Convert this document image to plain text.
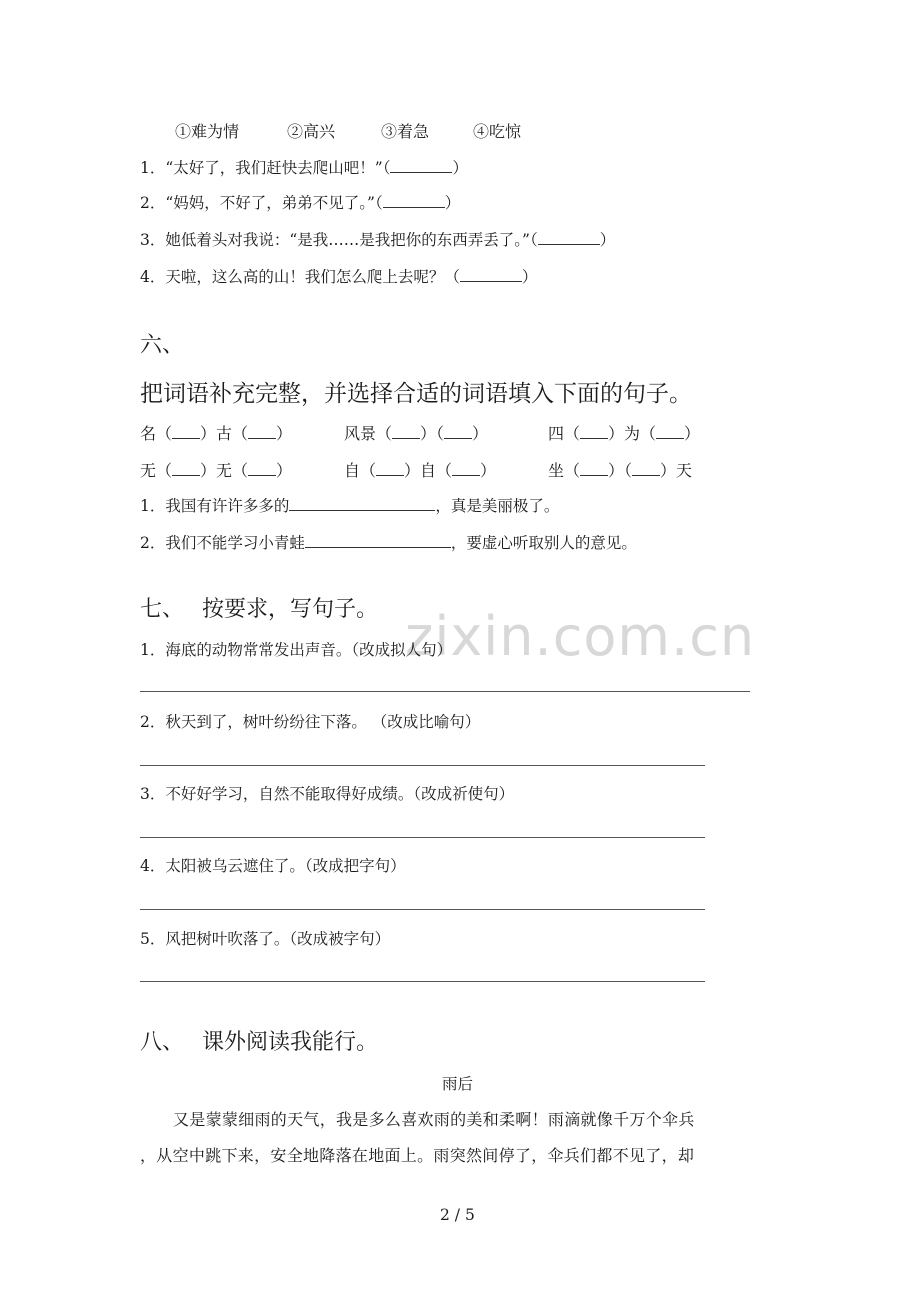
zixin.com.cn
①难为情	②高兴	③着急	④吃惊
1．“太好了，我们赶快去爬山吧！”（	）
2．“妈妈，不好了，弟弟不见了。”（	）
3．她低着头对我说：“是我……是我把你的东西弄丢了。”（	）
4．天啦，这么高的山！我们怎么爬上去呢？（	）
六、
把词语补充完整，并选择合适的词语填入下面的句子。
名（ ）古（ ）	风景（ ）（ ）	四（ ）为（ ）
无（ ）无（ ）	自（ ）自（ ）	坐（ ）（ ）天
1．我国有许许多多的	，真是美丽极了。
2．我们不能学习小青蛙	，要虚心听取别人的意见。
七、 按要求，写句子。
1．海底的动物常常发出声音。（改成拟人句）
2．秋天到了，树叶纷纷往下落。 （改成比喻句）
3．不好好学习，自然不能取得好成绩。（改成祈使句）
4．太阳被乌云遮住了。（改成把字句）
5．风把树叶吹落了。（改成被字句）
八、 课外阅读我能行。
雨后
又是蒙蒙细雨的天气，我是多么喜欢雨的美和柔啊！雨滴就像千万个伞兵
，从空中跳下来，安全地降落在地面上。雨突然间停了，伞兵们都不见了，却
2 / 5
